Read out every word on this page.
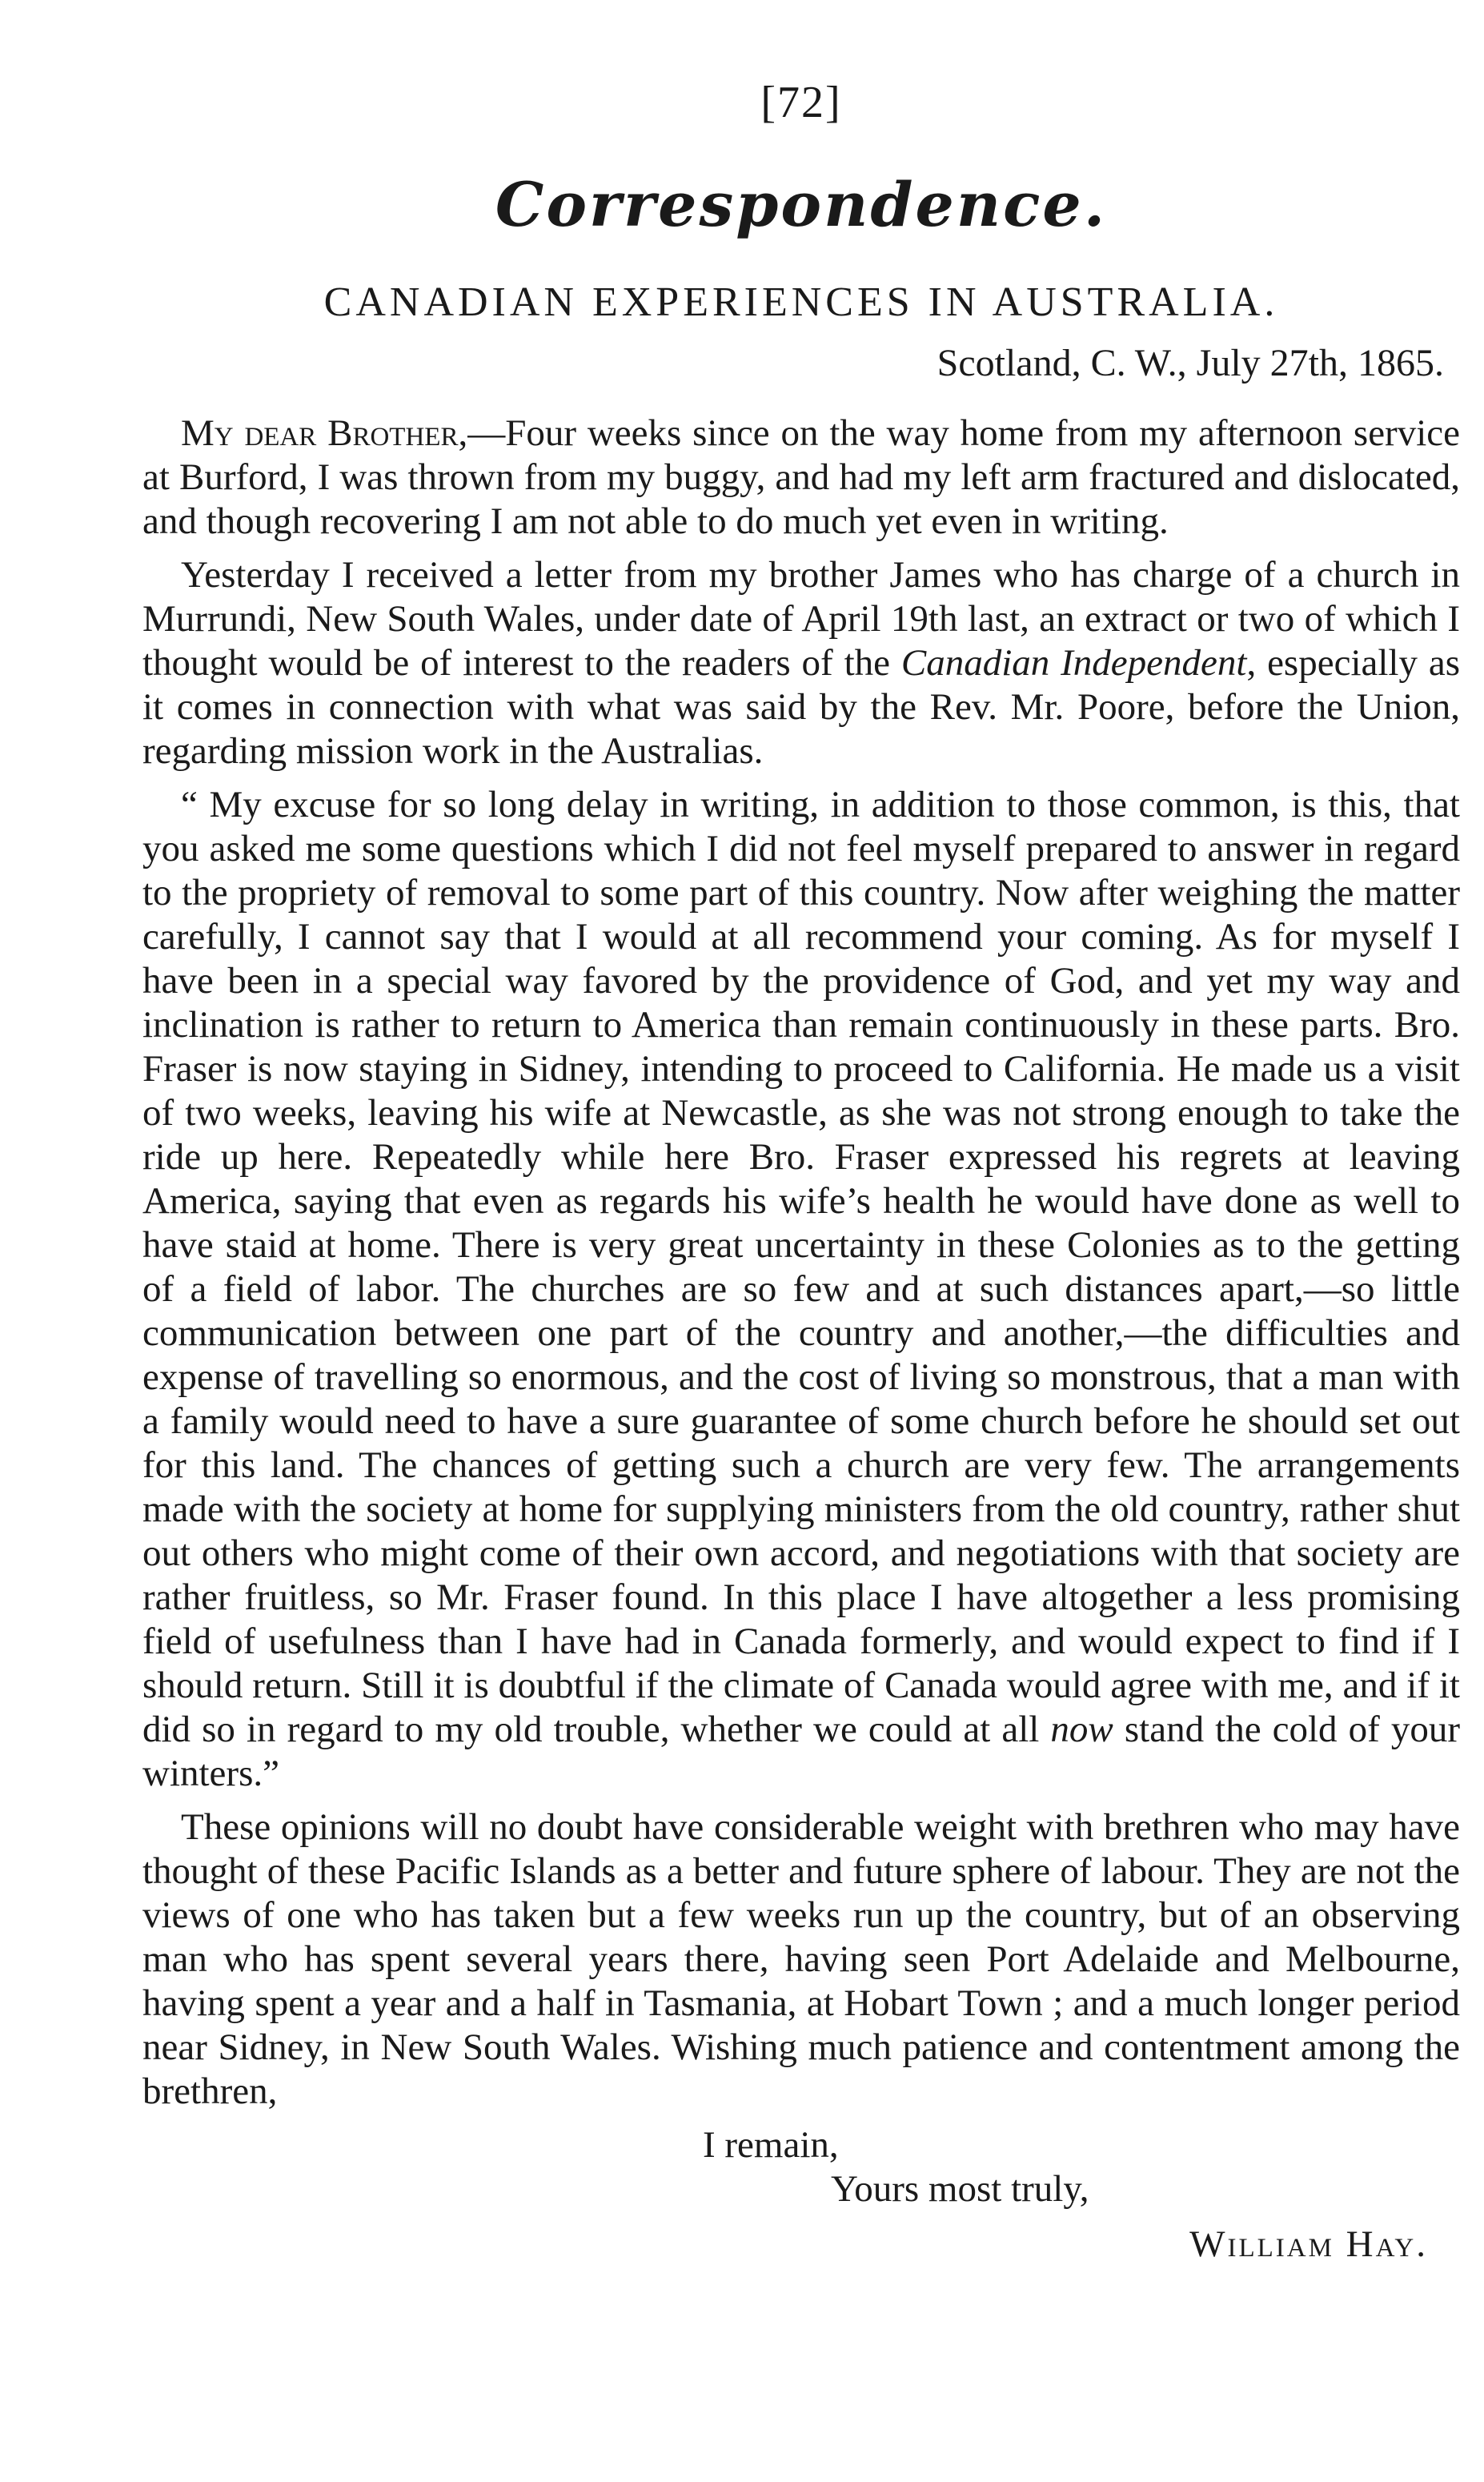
[72]
Correspondence.
CANADIAN EXPERIENCES IN AUSTRALIA.
Scotland, C. W., July 27th, 1865.

My dear Brother,—Four weeks since on the way home from my afternoon service at Burford, I was thrown from my buggy, and had my left arm fractured and dislocated, and though recovering I am not able to do much yet even in writing.

Yesterday I received a letter from my brother James who has charge of a church in Murrundi, New South Wales, under date of April 19th last, an extract or two of which I thought would be of interest to the readers of the Canadian Independent, especially as it comes in connection with what was said by the Rev. Mr. Poore, before the Union, regarding mission work in the Australias.

“ My excuse for so long delay in writing, in addition to those common, is this, that you asked me some questions which I did not feel myself prepared to answer in regard to the propriety of removal to some part of this country. Now after weighing the matter carefully, I cannot say that I would at all recommend your coming. As for myself I have been in a special way favored by the providence of God, and yet my way and inclination is rather to return to America than remain continuously in these parts. Bro. Fraser is now staying in Sidney, intending to proceed to California. He made us a visit of two weeks, leaving his wife at Newcastle, as she was not strong enough to take the ride up here. Repeatedly while here Bro. Fraser expressed his regrets at leaving America, saying that even as regards his wife’s health he would have done as well to have staid at home. There is very great uncertainty in these Colonies as to the getting of a field of labor. The churches are so few and at such distances apart,—so little communication between one part of the country and another,—the difficulties and expense of travelling so enormous, and the cost of living so monstrous, that a man with a family would need to have a sure guarantee of some church before he should set out for this land. The chances of getting such a church are very few. The arrangements made with the society at home for supplying ministers from the old country, rather shut out others who might come of their own accord, and negotiations with that society are rather fruitless, so Mr. Fraser found. In this place I have altogether a less promising field of usefulness than I have had in Canada formerly, and would expect to find if I should return. Still it is doubtful if the climate of Canada would agree with me, and if it did so in regard to my old trouble, whether we could at all now stand the cold of your winters.”

These opinions will no doubt have considerable weight with brethren who may have thought of these Pacific Islands as a better and future sphere of labour. They are not the views of one who has taken but a few weeks run up the country, but of an observing man who has spent several years there, having seen Port Adelaide and Melbourne, having spent a year and a half in Tasmania, at Hobart Town ; and a much longer period near Sidney, in New South Wales. Wishing much patience and contentment among the brethren,

I remain,
Yours most truly,
William Hay.
